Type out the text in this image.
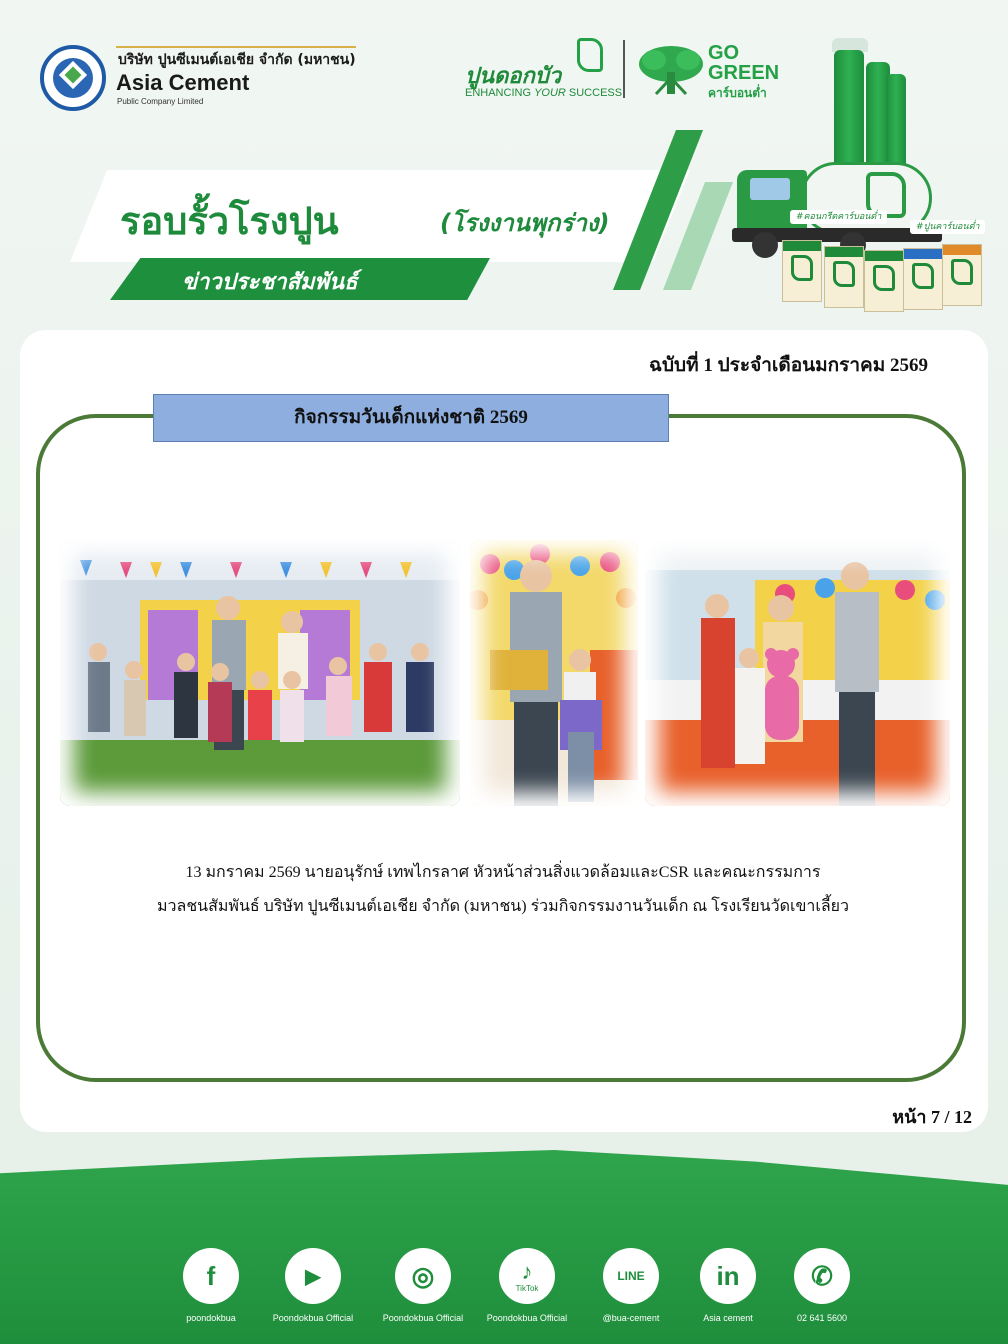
บริษัท ปูนซีเมนต์เอเชีย จำกัด (มหาชน)
Asia Cement
Public Company Limited
ปูนดอกบัว
ENHANCING YOUR SUCCESS
GO
GREEN
คาร์บอนต่ำ
รอบรั้วโรงปูน	(โรงงานพุกร่าง)
ข่าวประชาสัมพันธ์
#คอนกรีตคาร์บอนต่ำ
#ปูนคาร์บอนต่ำ
ฉบับที่ 1 ประจำเดือนมกราคม 2569
กิจกรรมวันเด็กแห่งชาติ 2569
13 มกราคม 2569 นายอนุรักษ์ เทพไกรลาศ หัวหน้าส่วนสิ่งแวดล้อมและCSR และคณะกรรมการ
มวลชนสัมพันธ์ บริษัท ปูนซีเมนต์เอเชีย จำกัด (มหาชน) ร่วมกิจกรรมงานวันเด็ก ณ โรงเรียนวัดเขาเลี้ยว
หน้า 7 / 12
f	▶	◎	♪
TikTok
LINE	in	✆
poondokbua	Poondokbua Official	Poondokbua Official	Poondokbua Official	@bua-cement	Asia cement	02 641 5600
